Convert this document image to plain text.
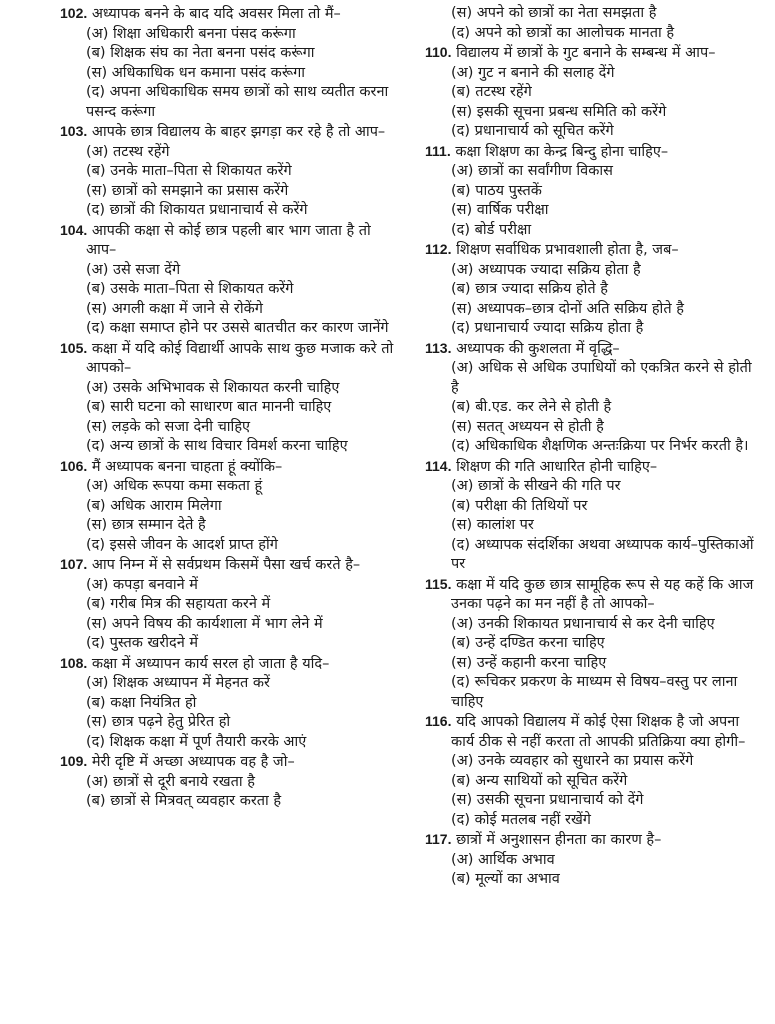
102. अध्यापक बनने के बाद यदि अवसर मिला तो मैं–
(अ) शिक्षा अधिकारी बनना पंसद करूंगा
(ब) शिक्षक संघ का नेता बनना पसंद करूंगा
(स) अधिकाधिक धन कमाना पसंद करूंगा
(द) अपना अधिकाधिक समय छात्रों को साथ व्यतीत करना पसन्द करूंगा
103. आपके छात्र विद्यालय के बाहर झगड़ा कर रहे है तो आप–
(अ) तटस्थ रहेंगे
(ब) उनके माता–पिता से शिकायत करेंगे
(स) छात्रों को समझाने का प्रसास करेंगे
(द) छात्रों की शिकायत प्रधानाचार्य से करेंगे
104. आपकी कक्षा से कोई छात्र पहली बार भाग जाता है तो आप–
(अ) उसे सजा देंगे
(ब) उसके माता–पिता से शिकायत करेंगे
(स) अगली कक्षा में जाने से रोकेंगे
(द) कक्षा समाप्त होने पर उससे बातचीत कर कारण जानेंगे
105. कक्षा में यदि कोई विद्यार्थी आपके साथ कुछ मजाक करे तो आपको–
(अ) उसके अभिभावक से शिकायत करनी चाहिए
(ब) सारी घटना को साधारण बात माननी चाहिए
(स) लड़के को सजा देनी चाहिए
(द) अन्य छात्रों के साथ विचार विमर्श करना चाहिए
106. मैं अध्यापक बनना चाहता हूं क्योंकि–
(अ) अधिक रूपया कमा सकता हूं
(ब) अधिक आराम मिलेगा
(स) छात्र सम्मान देते है
(द) इससे जीवन के आदर्श प्राप्त होंगे
107. आप निम्न में से सर्वप्रथम किसमें पैसा खर्च करते है–
(अ) कपड़ा बनवाने में
(ब) गरीब मित्र की सहायता करने में
(स) अपने विषय की कार्यशाला में भाग लेने में
(द) पुस्तक खरीदने में
108. कक्षा में अध्यापन कार्य सरल हो जाता है यदि–
(अ) शिक्षक अध्यापन में मेहनत करें
(ब) कक्षा नियंत्रित हो
(स) छात्र पढ़ने हेतु प्रेरित हो
(द) शिक्षक कक्षा में पूर्ण तैयारी करके आएं
109. मेरी दृष्टि में अच्छा अध्यापक वह है जो–
(अ) छात्रों से दूरी बनाये रखता है
(ब) छात्रों से मित्रवत् व्यवहार करता है
(स) अपने को छात्रों का नेता समझता है
(द) अपने को छात्रों का आलोचक मानता है
110. विद्यालय में छात्रों के गुट बनाने के सम्बन्ध में आप–
(अ) गुट न बनाने की सलाह देंगे
(ब) तटस्थ रहेंगे
(स) इसकी सूचना प्रबन्ध समिति को करेंगे
(द) प्रधानाचार्य को सूचित करेंगे
111. कक्षा शिक्षण का केन्द्र बिन्दु होना चाहिए–
(अ) छात्रों का सर्वांगीण विकास
(ब) पाठय पुस्तकें
(स) वार्षिक परीक्षा
(द) बोर्ड परीक्षा
112. शिक्षण सर्वाधिक प्रभावशाली होता है, जब–
(अ) अध्यापक ज्यादा सक्रिय होता है
(ब) छात्र ज्यादा सक्रिय होते है
(स) अध्यापक–छात्र दोनों अति सक्रिय होते है
(द) प्रधानाचार्य ज्यादा सक्रिय होता है
113. अध्यापक की कुशलता में वृद्धि–
(अ) अधिक से अधिक उपाधियों को एकत्रित करने से होती है
(ब) बी.एड. कर लेने से होती है
(स) सतत् अध्ययन से होती है
(द) अधिकाधिक शैक्षणिक अन्तःक्रिया पर निर्भर करती है।
114. शिक्षण की गति आधारित होनी चाहिए–
(अ) छात्रों के सीखने की गति पर
(ब) परीक्षा की तिथियों पर
(स) कालांश पर
(द) अध्यापक संदर्शिका अथवा अध्यापक कार्य–पुस्तिकाओं पर
115. कक्षा में यदि कुछ छात्र सामूहिक रूप से यह कहें कि आज उनका पढ़ने का मन नहीं है तो आपको–
(अ) उनकी शिकायत प्रधानाचार्य से कर देनी चाहिए
(ब) उन्हें दण्डित करना चाहिए
(स) उन्हें कहानी करना चाहिए
(द) रूचिकर प्रकरण के माध्यम से विषय–वस्तु पर लाना चाहिए
116. यदि आपको विद्यालय में कोई ऐसा शिक्षक है जो अपना कार्य ठीक से नहीं करता तो आपकी प्रतिक्रिया क्या होगी–
(अ) उनके व्यवहार को सुधारने का प्रयास करेंगे
(ब) अन्य साथियों को सूचित करेंगे
(स) उसकी सूचना प्रधानाचार्य को देंगे
(द) कोई मतलब नहीं रखेंगे
117. छात्रों में अनुशासन हीनता का कारण है–
(अ) आर्थिक अभाव
(ब) मूल्यों का अभाव
